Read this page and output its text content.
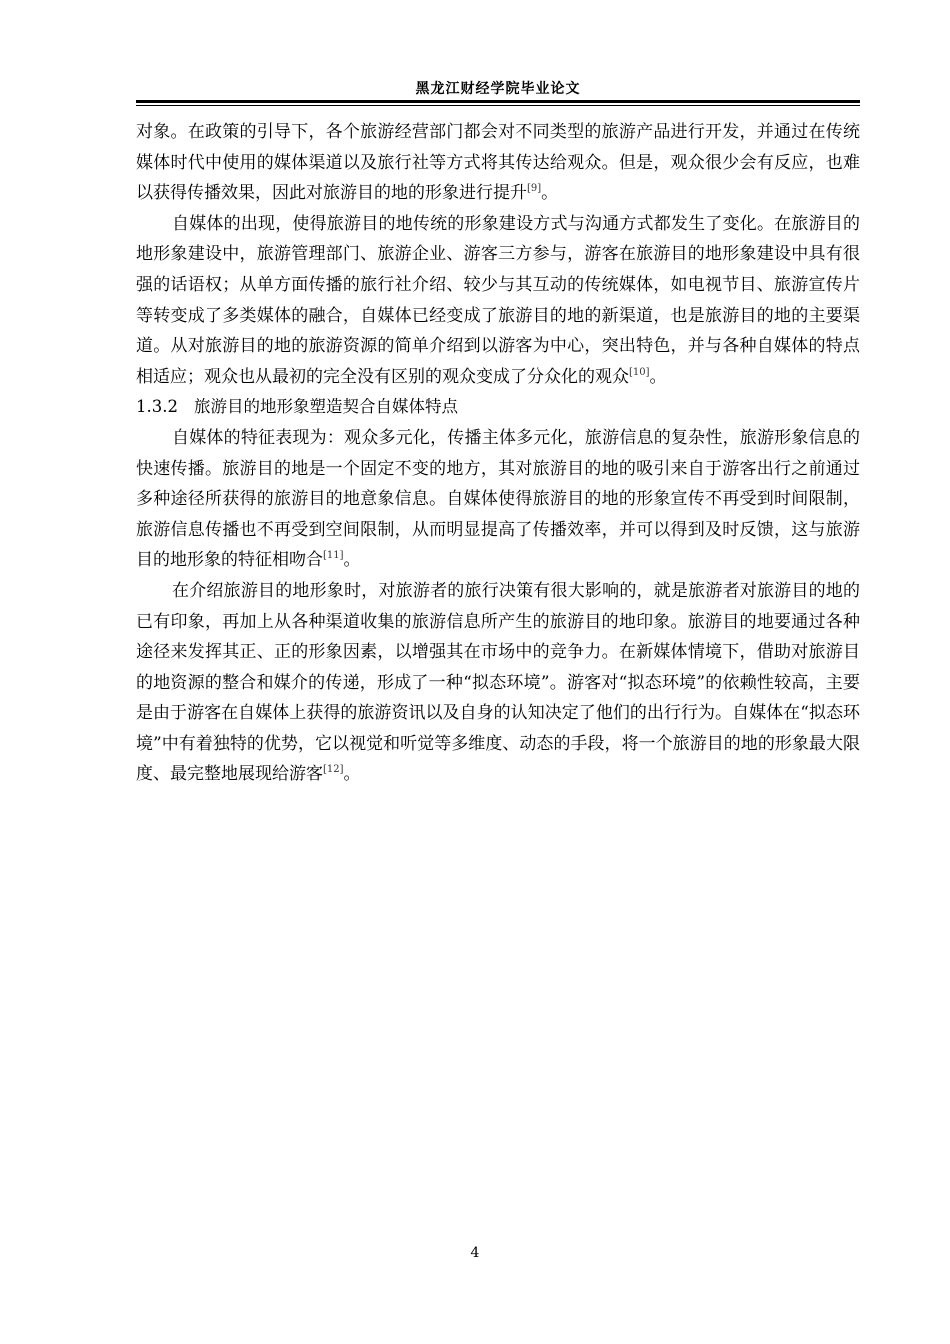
黑龙江财经学院毕业论文

对象。在政策的引导下，各个旅游经营部门都会对不同类型的旅游产品进行开发，并通过在传统媒体时代中使用的媒体渠道以及旅行社等方式将其传达给观众。但是，观众很少会有反应，也难以获得传播效果，因此对旅游目的地的形象进行提升[9]。

自媒体的出现，使得旅游目的地传统的形象建设方式与沟通方式都发生了变化。在旅游目的地形象建设中，旅游管理部门、旅游企业、游客三方参与，游客在旅游目的地形象建设中具有很强的话语权；从单方面传播的旅行社介绍、较少与其互动的传统媒体，如电视节目、旅游宣传片等转变成了多类媒体的融合，自媒体已经变成了旅游目的地的新渠道，也是旅游目的地的主要渠道。从对旅游目的地的旅游资源的简单介绍到以游客为中心，突出特色，并与各种自媒体的特点相适应；观众也从最初的完全没有区别的观众变成了分众化的观众[10]。

1.3.2 旅游目的地形象塑造契合自媒体特点

自媒体的特征表现为：观众多元化，传播主体多元化，旅游信息的复杂性，旅游形象信息的快速传播。旅游目的地是一个固定不变的地方，其对旅游目的地的吸引来自于游客出行之前通过多种途径所获得的旅游目的地意象信息。自媒体使得旅游目的地的形象宣传不再受到时间限制，旅游信息传播也不再受到空间限制，从而明显提高了传播效率，并可以得到及时反馈，这与旅游目的地形象的特征相吻合[11]。

在介绍旅游目的地形象时，对旅游者的旅行决策有很大影响的，就是旅游者对旅游目的地的已有印象，再加上从各种渠道收集的旅游信息所产生的旅游目的地印象。旅游目的地要通过各种途径来发挥其正、正的形象因素，以增强其在市场中的竞争力。在新媒体情境下，借助对旅游目的地资源的整合和媒介的传递，形成了一种“拟态环境”。游客对“拟态环境”的依赖性较高，主要是由于游客在自媒体上获得的旅游资讯以及自身的认知决定了他们的出行行为。自媒体在“拟态环境”中有着独特的优势，它以视觉和听觉等多维度、动态的手段，将一个旅游目的地的形象最大限度、最完整地展现给游客[12]。

4
